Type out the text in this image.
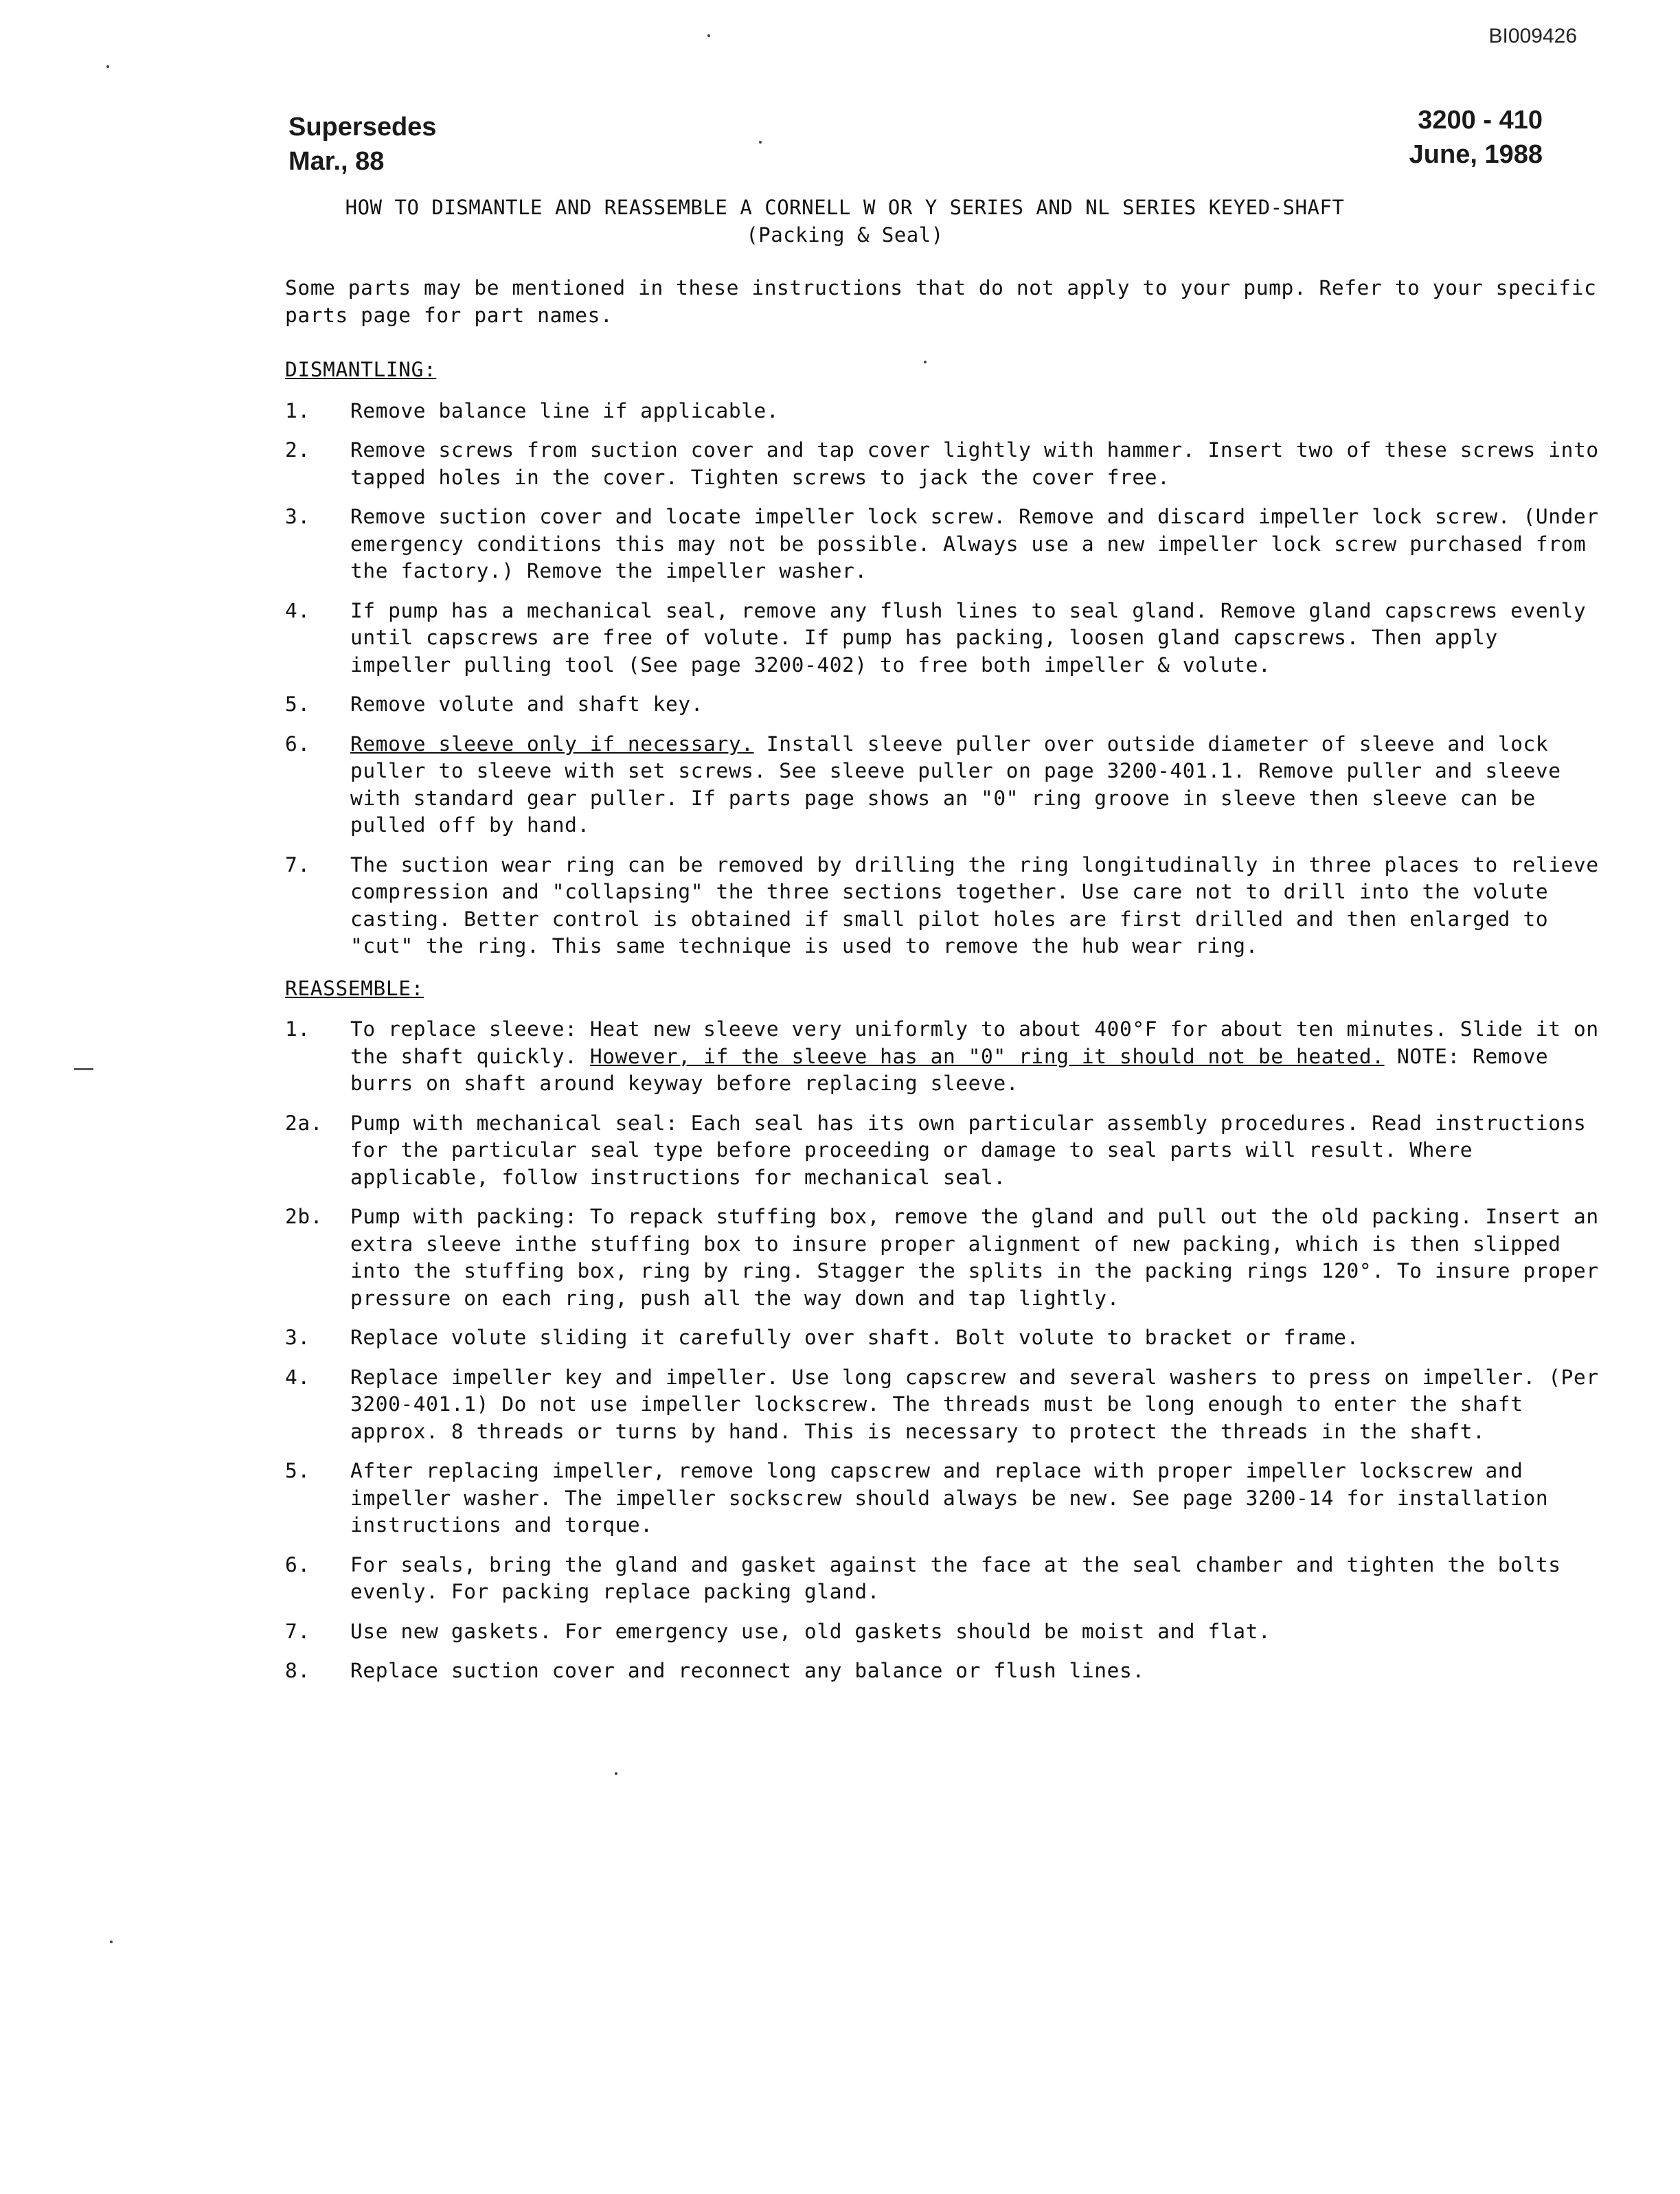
BI009426
Supersedes
Mar., 88
3200 - 410
June, 1988
HOW TO DISMANTLE AND REASSEMBLE A CORNELL W OR Y SERIES AND NL SERIES KEYED-SHAFT
(Packing & Seal)

Some parts may be mentioned in these instructions that do not apply to your pump. Refer to your specific parts page for part names.

DISMANTLING:
1.	Remove balance line if applicable.
2.	Remove screws from suction cover and tap cover lightly with hammer. Insert two of these screws into tapped holes in the cover. Tighten screws to jack the cover free.
3.	Remove suction cover and locate impeller lock screw. Remove and discard impeller lock screw. (Under emergency conditions this may not be possible. Always use a new impeller lock screw purchased from the factory.) Remove the impeller washer.
4.	If pump has a mechanical seal, remove any flush lines to seal gland. Remove gland capscrews evenly until capscrews are free of volute. If pump has packing, loosen gland capscrews. Then apply impeller pulling tool (See page 3200-402) to free both impeller & volute.
5.	Remove volute and shaft key.
6.	Remove sleeve only if necessary. Install sleeve puller over outside diameter of sleeve and lock puller to sleeve with set screws. See sleeve puller on page 3200-401.1. Remove puller and sleeve with standard gear puller. If parts page shows an "0" ring groove in sleeve then sleeve can be pulled off by hand.
7.	The suction wear ring can be removed by drilling the ring longitudinally in three places to relieve compression and "collapsing" the three sections together. Use care not to drill into the volute casting. Better control is obtained if small pilot holes are first drilled and then enlarged to "cut" the ring. This same technique is used to remove the hub wear ring.
REASSEMBLE:
1.	To replace sleeve: Heat new sleeve very uniformly to about 400°F for about ten minutes. Slide it on the shaft quickly. However, if the sleeve has an "0" ring it should not be heated. NOTE: Remove burrs on shaft around keyway before replacing sleeve.
2a.	Pump with mechanical seal: Each seal has its own particular assembly procedures. Read instructions for the particular seal type before proceeding or damage to seal parts will result. Where applicable, follow instructions for mechanical seal.
2b.	Pump with packing: To repack stuffing box, remove the gland and pull out the old packing. Insert an extra sleeve inthe stuffing box to insure proper alignment of new packing, which is then slipped into the stuffing box, ring by ring. Stagger the splits in the packing rings 120°. To insure proper pressure on each ring, push all the way down and tap lightly.
3.	Replace volute sliding it carefully over shaft. Bolt volute to bracket or frame.
4.	Replace impeller key and impeller. Use long capscrew and several washers to press on impeller. (Per 3200-401.1) Do not use impeller lockscrew. The threads must be long enough to enter the shaft approx. 8 threads or turns by hand. This is necessary to protect the threads in the shaft.
5.	After replacing impeller, remove long capscrew and replace with proper impeller lockscrew and impeller washer. The impeller sockscrew should always be new. See page 3200-14 for installation instructions and torque.
6.	For seals, bring the gland and gasket against the face at the seal chamber and tighten the bolts evenly. For packing replace packing gland.
7.	Use new gaskets. For emergency use, old gaskets should be moist and flat.
8.	Replace suction cover and reconnect any balance or flush lines.
